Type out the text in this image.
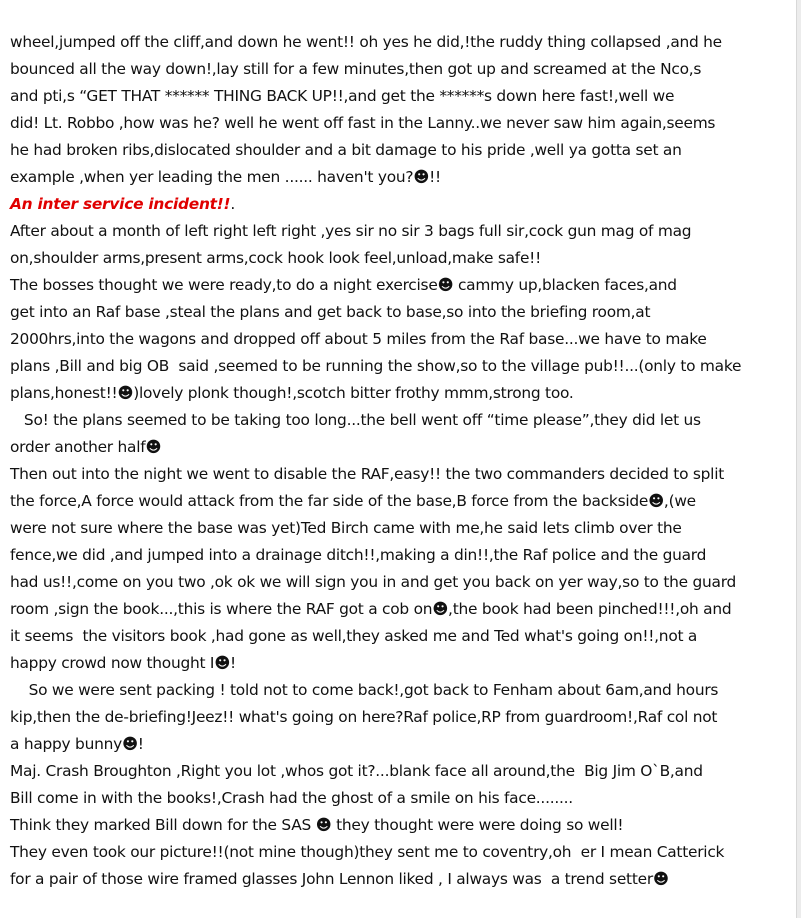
wheel,jumped off the cliff,and down he went!! oh yes he did,!the ruddy thing collapsed ,and he
bounced all the way down!,lay still for a few minutes,then got up and screamed at the Nco,s
and pti,s “GET THAT ****** THING BACK UP!!,and get the ******s down here fast!,well we
did! Lt. Robbo ,how was he? well he went off fast in the Lanny..we never saw him again,seems
he had broken ribs,dislocated shoulder and a bit damage to his pride ,well ya gotta set an
example ,when yer leading the men ...... haven't you?☻!!
An inter service incident!!.
After about a month of left right left right ,yes sir no sir 3 bags full sir,cock gun mag of mag
on,shoulder arms,present arms,cock hook look feel,unload,make safe!!
The bosses thought we were ready,to do a night exercise☻ cammy up,blacken faces,and
get into an Raf base ,steal the plans and get back to base,so into the briefing room,at
2000hrs,into the wagons and dropped off about 5 miles from the Raf base...we have to make
plans ,Bill and big OB  said ,seemed to be running the show,so to the village pub!!...(only to make
plans,honest!!☻)lovely plonk though!,scotch bitter frothy mmm,strong too.
So! the plans seemed to be taking too long...the bell went off “time please”,they did let us
order another half☻
Then out into the night we went to disable the RAF,easy!! the two commanders decided to split
the force,A force would attack from the far side of the base,B force from the backside☻,(we
were not sure where the base was yet)Ted Birch came with me,he said lets climb over the
fence,we did ,and jumped into a drainage ditch!!,making a din!!,the Raf police and the guard
had us!!,come on you two ,ok ok we will sign you in and get you back on yer way,so to the guard
room ,sign the book...,this is where the RAF got a cob on☻,the book had been pinched!!!,oh and
it seems  the visitors book ,had gone as well,they asked me and Ted what's going on!!,not a
happy crowd now thought I☻!
So we were sent packing ! told not to come back!,got back to Fenham about 6am,and hours
kip,then the de-briefing!Jeez!! what's going on here?Raf police,RP from guardroom!,Raf col not
a happy bunny☻!
Maj. Crash Broughton ,Right you lot ,whos got it?...blank face all around,the  Big Jim O`B,and
Bill come in with the books!,Crash had the ghost of a smile on his face........
Think they marked Bill down for the SAS ☻ they thought were were doing so well!
They even took our picture!!(not mine though)they sent me to coventry,oh  er I mean Catterick
for a pair of those wire framed glasses John Lennon liked , I always was  a trend setter☻
